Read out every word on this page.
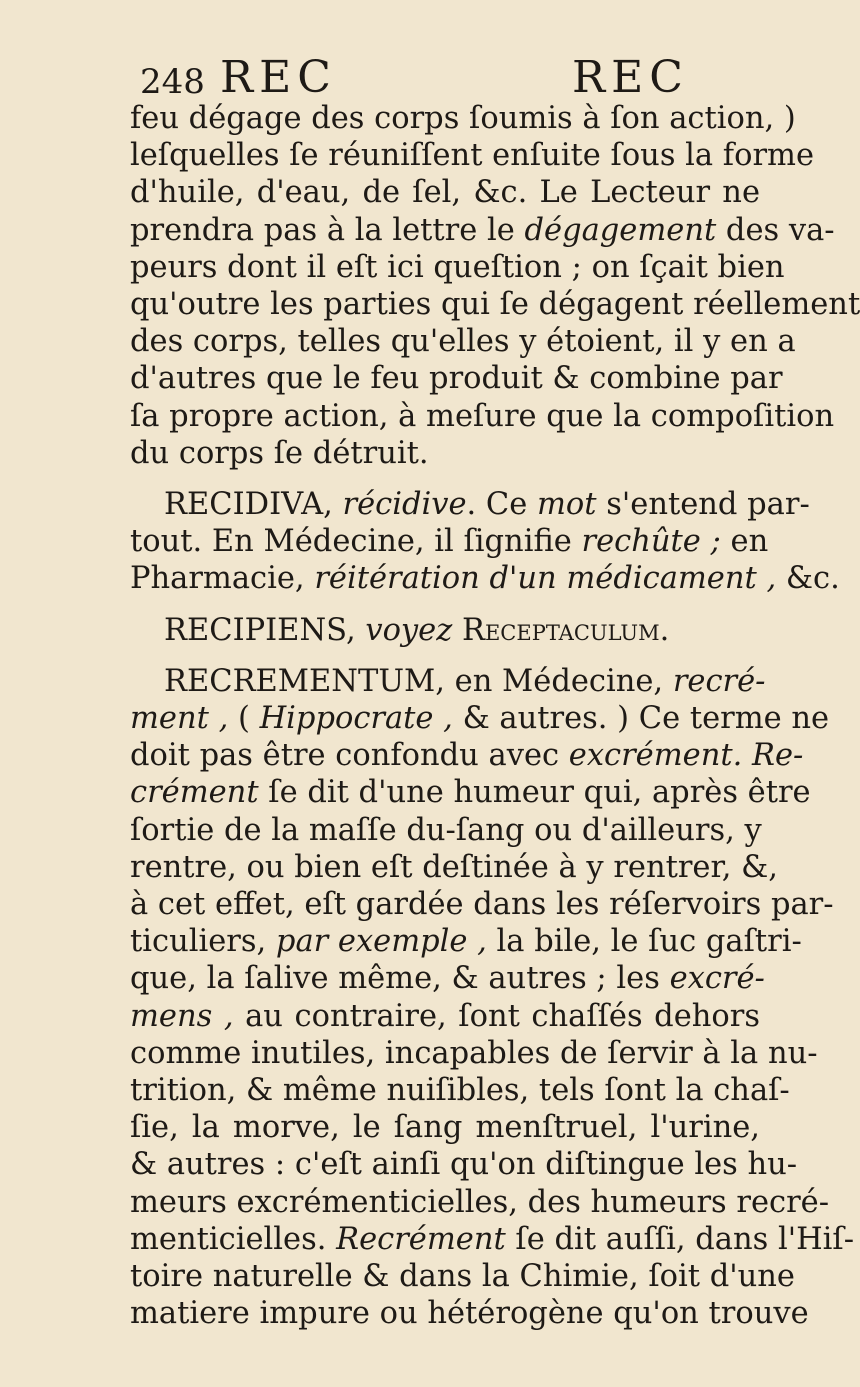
248 REC	REC
feu dégage des corps ſoumis à ſon action, )
leſquelles ſe réuniſſent enſuite ſous la forme
d'huile, d'eau, de ſel, &c. Le Lecteur ne
prendra pas à la lettre le dégagement des va-
peurs dont il eſt ici queſtion ; on ſçait bien
qu'outre les parties qui ſe dégagent réellement
des corps, telles qu'elles y étoient, il y en a
d'autres que le feu produit & combine par
ſa propre action, à meſure que la compoſition
du corps ſe détruit.
RECIDIVA, récidive. Ce mot s'entend par-
tout. En Médecine, il ſignifie rechûte ; en
Pharmacie, réitération d'un médicament , &c.
RECIPIENS, voyez Receptaculum.
RECREMENTUM, en Médecine, recré-
ment , ( Hippocrate , & autres. ) Ce terme ne
doit pas être confondu avec excrément. Re-
crément ſe dit d'une humeur qui, après être
ſortie de la maſſe du-ſang ou d'ailleurs, y
rentre, ou bien eſt deſtinée à y rentrer, &,
à cet effet, eſt gardée dans les réſervoirs par-
ticuliers, par exemple , la bile, le ſuc gaſtri-
que, la ſalive même, & autres ; les excré-
mens , au contraire, ſont chaſſés dehors
comme inutiles, incapables de ſervir à la nu-
trition, & même nuiſibles, tels ſont la chaſ-
ſie, la morve, le ſang menſtruel, l'urine,
& autres : c'eſt ainſi qu'on diſtingue les hu-
meurs excrémenticielles, des humeurs recré-
menticielles. Recrément ſe dit auſſi, dans l'Hiſ-
toire naturelle & dans la Chimie, ſoit d'une
matiere impure ou hétérogène qu'on trouve
